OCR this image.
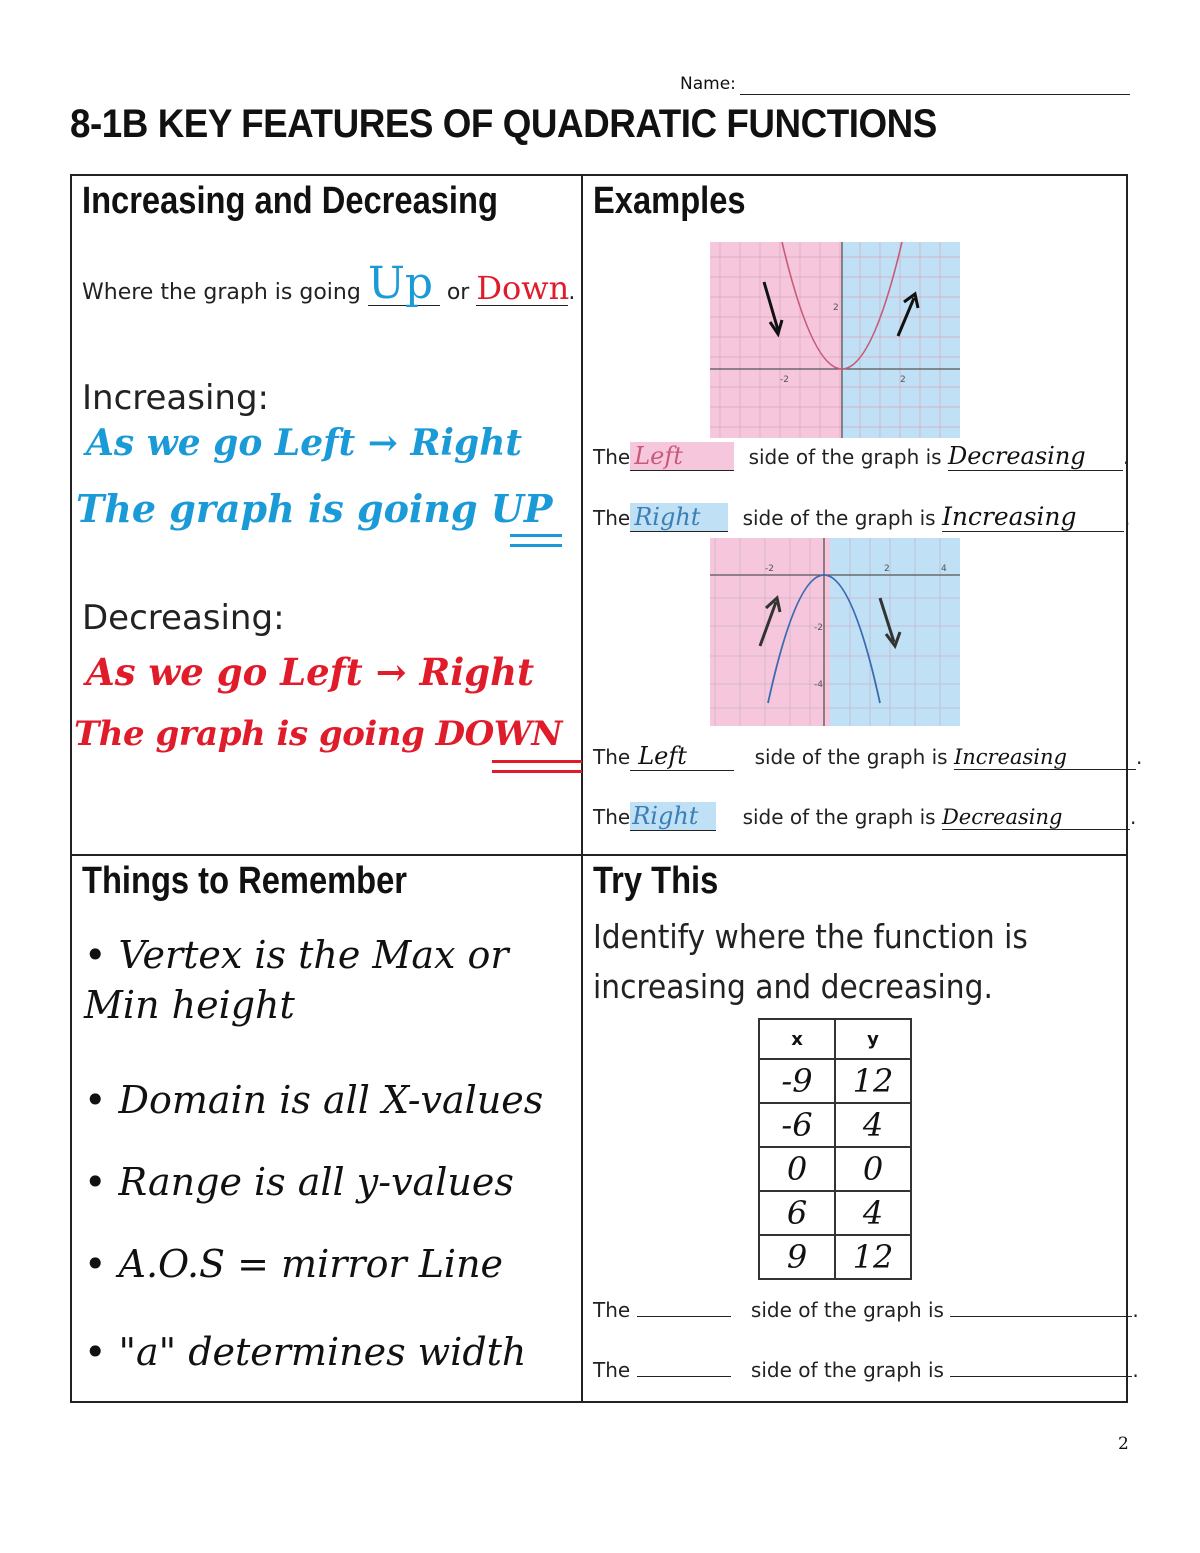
Name:
8-1B KEY FEATURES OF QUADRATIC FUNCTIONS
Increasing and Decreasing
Where the graph is going Up or Down .
Increasing:
As we go Left → Right
The graph is going UP
Decreasing:
As we go Left → Right
The graph is going DOWN
Examples
-2	2
2
The Left	side of the graph is Decreasing .
The Right side of the graph is Increasing .
-2	2	4
-2
-4
The Left	side of the graph is Increasing	.
TheRight side of the graph is Decreasing	.
Things to Remember
• Vertex is the Max or Min height
• Domain is all X-values
• Range is all y-values
• A.O.S = mirror Line
• "a" determines width
Try This
Identify where the function is increasing and decreasing.
x	y
-9	12
-6	4
0	0
6	4
9	12
The	side of the graph is	.
The	side of the graph is	.
2
